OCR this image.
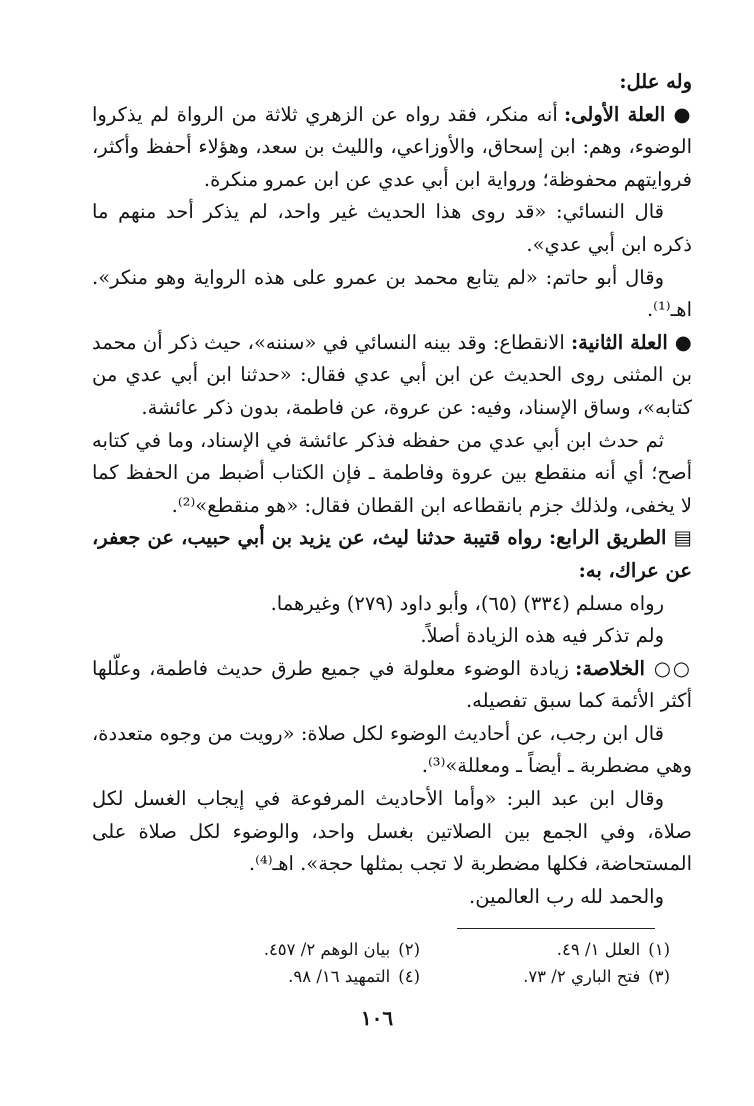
وله علل:

● العلة الأولى: أنه منكر، فقد رواه عن الزهري ثلاثة من الرواة لم يذكروا الوضوء، وهم: ابن إسحاق، والأوزاعي، والليث بن سعد، وهؤلاء أحفظ وأكثر، فروايتهم محفوظة؛ ورواية ابن أبي عدي عن ابن عمرو منكرة.

قال النسائي: «قد روى هذا الحديث غير واحد، لم يذكر أحد منهم ما ذكره ابن أبي عدي».

وقال أبو حاتم: «لم يتابع محمد بن عمرو على هذه الرواية وهو منكر». اهـ⁽¹⁾.

● العلة الثانية: الانقطاع: وقد بينه النسائي في «سننه»، حيث ذكر أن محمد بن المثنى روى الحديث عن ابن أبي عدي فقال: «حدثنا ابن أبي عدي من كتابه»، وساق الإسناد، وفيه: عن عروة، عن فاطمة، بدون ذكر عائشة.

ثم حدث ابن أبي عدي من حفظه فذكر عائشة في الإسناد، وما في كتابه أصح؛ أي أنه منقطع بين عروة وفاطمة ـ فإن الكتاب أضبط من الحفظ كما لا يخفى، ولذلك جزم بانقطاعه ابن القطان فقال: «هو منقطع»⁽²⁾.

▤ الطريق الرابع: رواه قتيبة حدثنا ليث، عن يزيد بن أبي حبيب، عن جعفر، عن عراك، به:

رواه مسلم (٣٣٤) (٦٥)، وأبو داود (٢٧٩) وغيرهما.

ولم تذكر فيه هذه الزيادة أصلاً.

○○ الخلاصة: زيادة الوضوء معلولة في جميع طرق حديث فاطمة، وعلّلها أكثر الأئمة كما سبق تفصيله.

قال ابن رجب، عن أحاديث الوضوء لكل صلاة: «رويت من وجوه متعددة، وهي مضطربة ـ أيضاً ـ ومعللة»⁽³⁾.

وقال ابن عبد البر: «وأما الأحاديث المرفوعة في إيجاب الغسل لكل صلاة، وفي الجمع بين الصلاتين بغسل واحد، والوضوء لكل صلاة على المستحاضة، فكلها مضطربة لا تجب بمثلها حجة». اهـ⁽⁴⁾.

والحمد لله رب العالمين.

(١)العلل ١/ ٤٩.
(٢)بيان الوهم ٢/ ٤٥٧.
(٣)فتح الباري ٢/ ٧٣.
(٤)التمهيد ١٦/ ٩٨.
١٠٦
